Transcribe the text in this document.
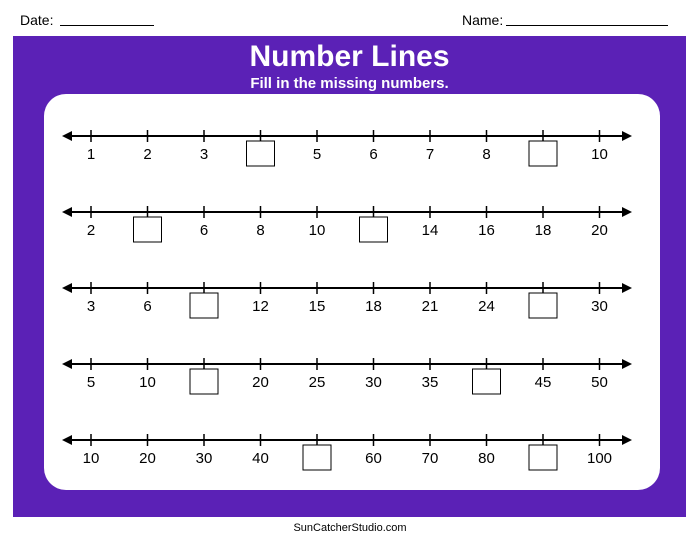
Date:	Name:
Number Lines
Fill in the missing numbers.
1	2	3	5	6	7	8	10
2	6	8	10	14	16	18	20
3	6	12	15	18	21	24	30
5	10	20	25	30	35	45	50
10	20	30	40	60	70	80	100
SunCatcherStudio.com
